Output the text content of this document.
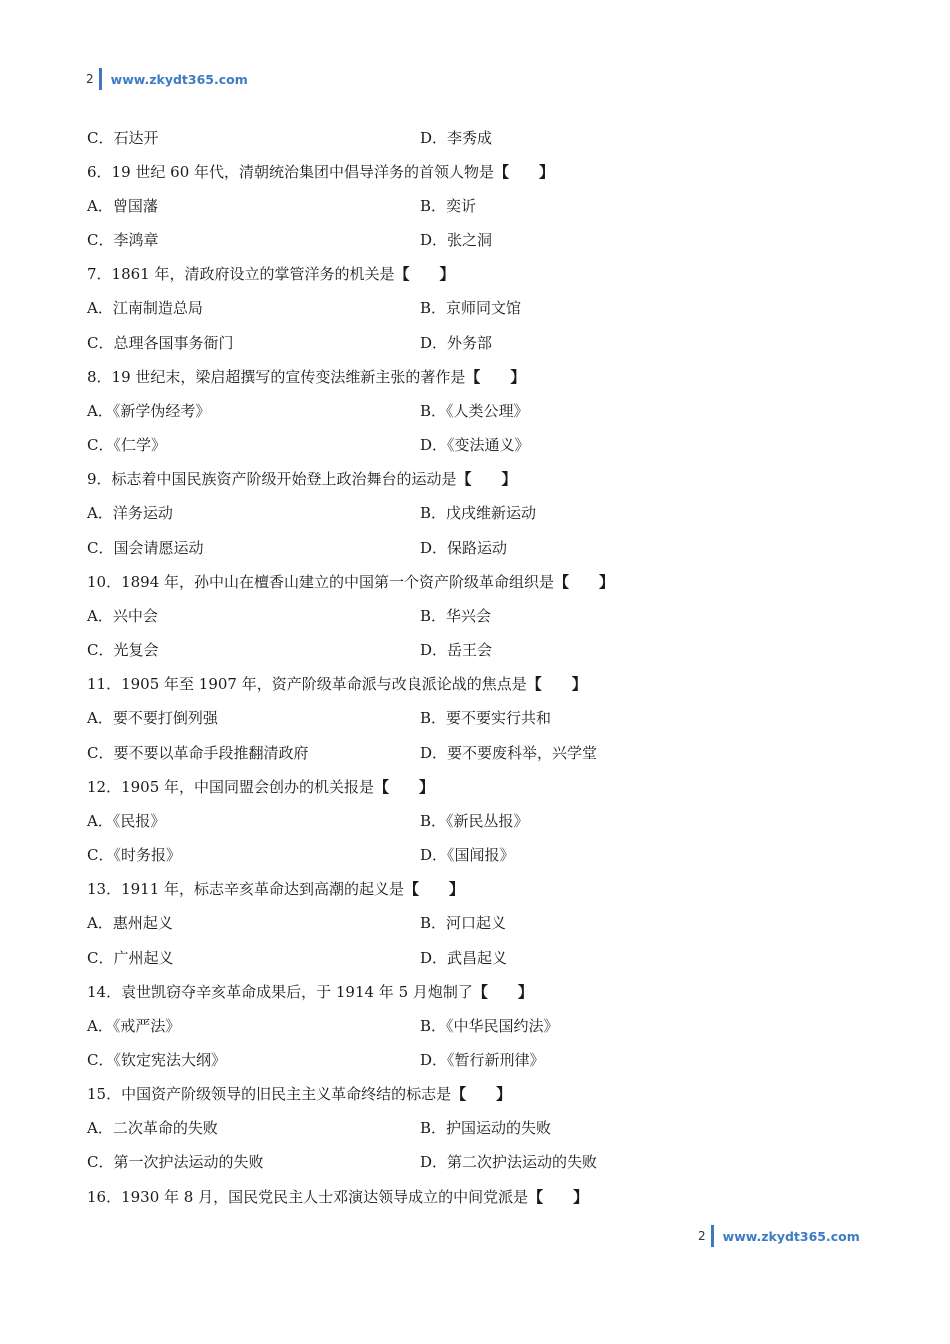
2 www.zkydt365.com
C．石达开	D．李秀成
6．19 世纪 60 年代，清朝统治集团中倡导洋务的首领人物是【　　】
A．曾国藩	B．奕䜣
C．李鸿章	D．张之洞
7．1861 年，清政府设立的掌管洋务的机关是【　　】
A．江南制造总局	B．京师同文馆
C．总理各国事务衙门	D．外务部
8．19 世纪末，梁启超撰写的宣传变法维新主张的著作是【　　】
A．《新学伪经考》	B．《人类公理》
C．《仁学》	D．《变法通义》
9．标志着中国民族资产阶级开始登上政治舞台的运动是【　　】
A．洋务运动	B．戊戌维新运动
C．国会请愿运动	D．保路运动
10．1894 年，孙中山在檀香山建立的中国第一个资产阶级革命组织是【　　】
A．兴中会	B．华兴会
C．光复会	D．岳王会
11．1905 年至 1907 年，资产阶级革命派与改良派论战的焦点是【　　】
A．要不要打倒列强	B．要不要实行共和
C．要不要以革命手段推翻清政府	D．要不要废科举，兴学堂
12．1905 年，中国同盟会创办的机关报是【　　】
A．《民报》	B．《新民丛报》
C．《时务报》	D．《国闻报》
13．1911 年，标志辛亥革命达到高潮的起义是【　　】
A．惠州起义	B．河口起义
C．广州起义	D．武昌起义
14．袁世凯窃夺辛亥革命成果后，于 1914 年 5 月炮制了【　　】
A．《戒严法》	B．《中华民国约法》
C．《钦定宪法大纲》	D．《暂行新刑律》
15．中国资产阶级领导的旧民主主义革命终结的标志是【　　】
A．二次革命的失败	B．护国运动的失败
C．第一次护法运动的失败	D．第二次护法运动的失败
16．1930 年 8 月，国民党民主人士邓演达领导成立的中间党派是【　　】
2 www.zkydt365.com
